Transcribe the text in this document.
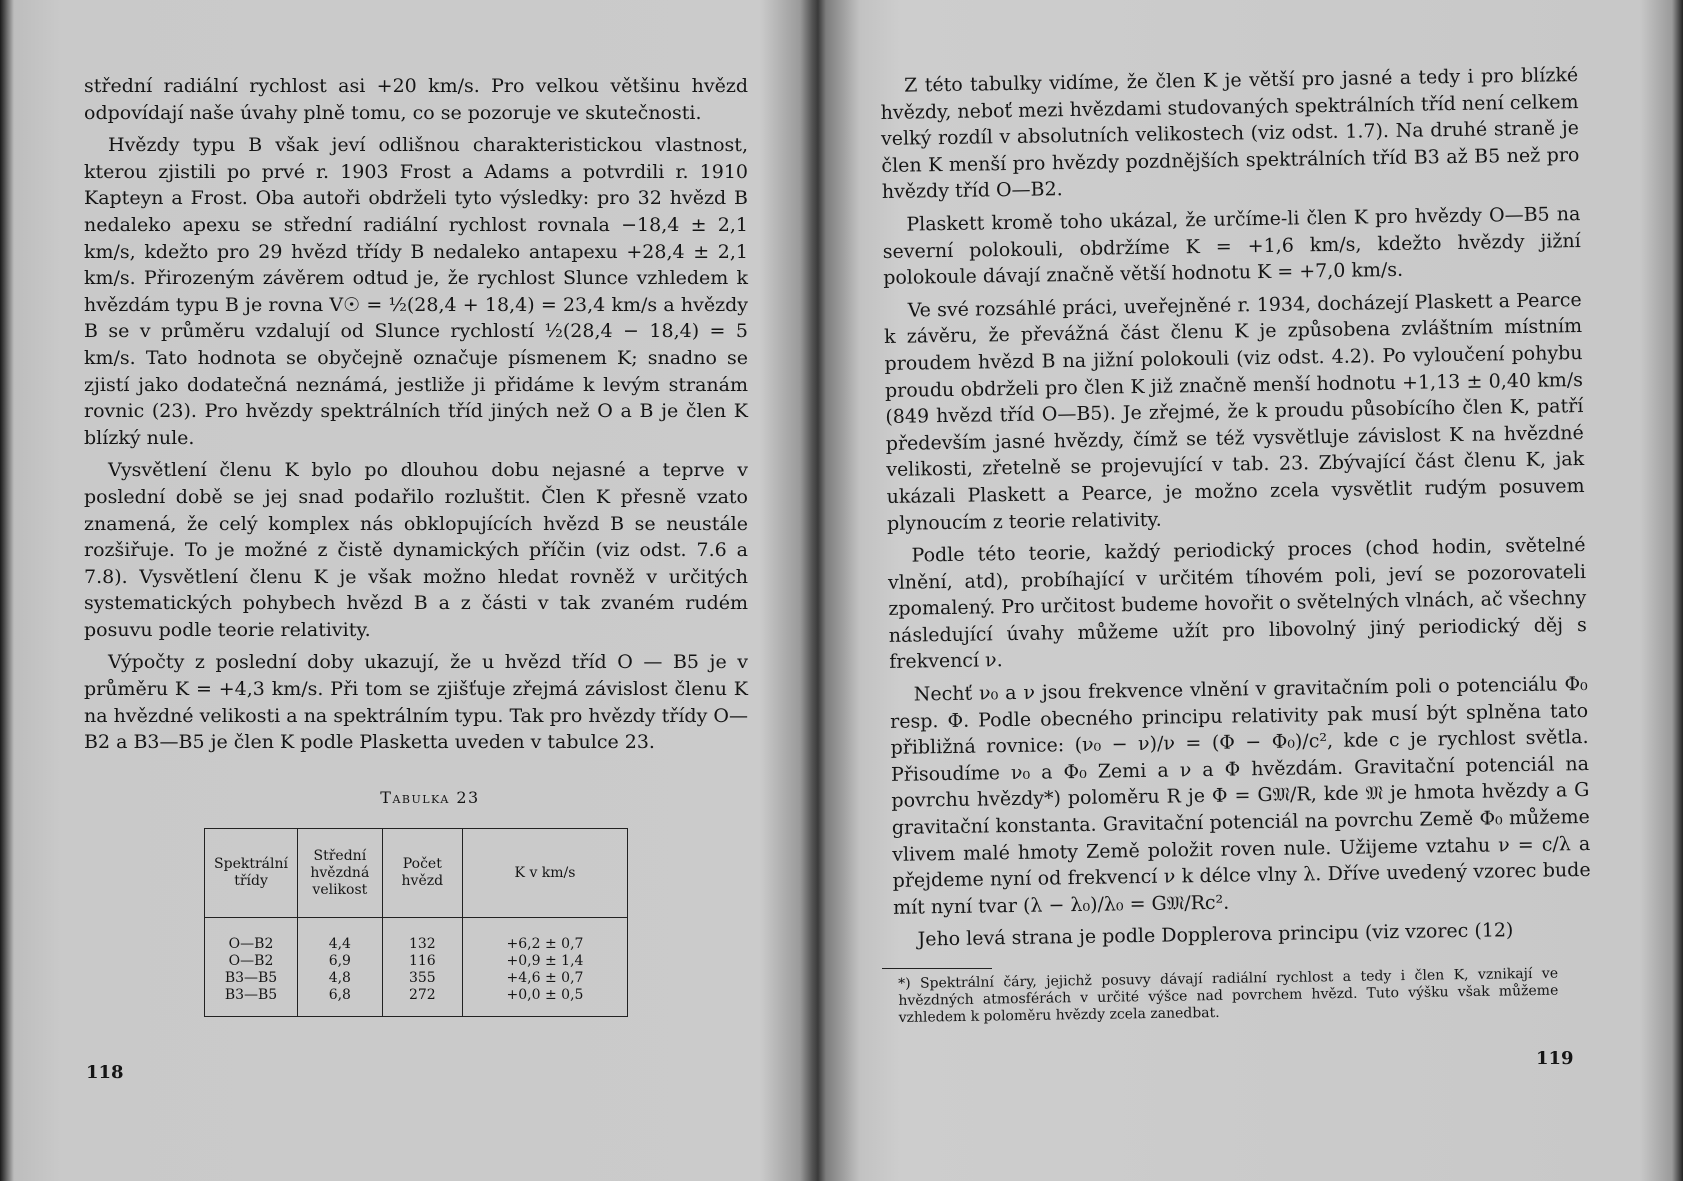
střední radiální rychlost asi +20 km/s. Pro velkou většinu hvězd odpovídají naše úvahy plně tomu, co se pozoruje ve skutečnosti.

Hvězdy typu B však jeví odlišnou charakteristickou vlastnost, kterou zjistili po prvé r. 1903 Frost a Adams a potvrdili r. 1910 Kapteyn a Frost. Oba autoři obdrželi tyto výsledky: pro 32 hvězd B nedaleko apexu se střední radiální rychlost rovnala −18,4 ± 2,1 km/s, kdežto pro 29 hvězd třídy B nedaleko antapexu +28,4 ± 2,1 km/s. Přirozeným závěrem odtud je, že rychlost Slunce vzhledem k hvězdám typu B je rovna V☉ = ½(28,4 + 18,4) = 23,4 km/s a hvězdy B se v průměru vzdalují od Slunce rychlostí ½(28,4 − 18,4) = 5 km/s. Tato hodnota se obyčejně označuje písmenem K; snadno se zjistí jako dodatečná neznámá, jestliže ji přidáme k levým stranám rovnic (23). Pro hvězdy spektrálních tříd jiných než O a B je člen K blízký nule.

Vysvětlení členu K bylo po dlouhou dobu nejasné a teprve v poslední době se jej snad podařilo rozluštit. Člen K přesně vzato znamená, že celý komplex nás obklopujících hvězd B se neustále rozšiřuje. To je možné z čistě dynamických příčin (viz odst. 7.6 a 7.8). Vysvětlení členu K je však možno hledat rovněž v určitých systematických pohybech hvězd B a z části v tak zvaném rudém posuvu podle teorie relativity.

Výpočty z poslední doby ukazují, že u hvězd tříd O — B5 je v průměru K = +4,3 km/s. Při tom se zjišťuje zřejmá závislost členu K na hvězdné velikosti a na spektrálním typu. Tak pro hvězdy třídy O—B2 a B3—B5 je člen K podle Plasketta uveden v tabulce 23.

Tabulka 23
Spektrální třídy	Střední hvězdná velikost	Počet hvězd	K v km/s
O—B2	4,4	132	+6,2 ± 0,7
O—B2	6,9	116	+0,9 ± 1,4
B3—B5	4,8	355	+4,6 ± 0,7
B3—B5	6,8	272	+0,0 ± 0,5
118

Z této tabulky vidíme, že člen K je větší pro jasné a tedy i pro blízké hvězdy, neboť mezi hvězdami studovaných spektrálních tříd není celkem velký rozdíl v absolutních velikostech (viz odst. 1.7). Na druhé straně je člen K menší pro hvězdy pozdnějších spektrálních tříd B3 až B5 než pro hvězdy tříd O—B2.

Plaskett kromě toho ukázal, že určíme-li člen K pro hvězdy O—B5 na severní polokouli, obdržíme K = +1,6 km/s, kdežto hvězdy jižní polokoule dávají značně větší hodnotu K = +7,0 km/s.

Ve své rozsáhlé práci, uveřejněné r. 1934, docházejí Plaskett a Pearce k závěru, že převážná část členu K je způsobena zvláštním místním proudem hvězd B na jižní polokouli (viz odst. 4.2). Po vyloučení pohybu proudu obdrželi pro člen K již značně menší hodnotu +1,13 ± 0,40 km/s (849 hvězd tříd O—B5). Je zřejmé, že k proudu působícího člen K, patří především jasné hvězdy, čímž se též vysvětluje závislost K na hvězdné velikosti, zřetelně se projevující v tab. 23. Zbývající část členu K, jak ukázali Plaskett a Pearce, je možno zcela vysvětlit rudým posuvem plynoucím z teorie relativity.

Podle této teorie, každý periodický proces (chod hodin, světelné vlnění, atd), probíhající v určitém tíhovém poli, jeví se pozorovateli zpomalený. Pro určitost budeme hovořit o světelných vlnách, ač všechny následující úvahy můžeme užít pro libovolný jiný periodický děj s frekvencí ν.

Nechť ν₀ a ν jsou frekvence vlnění v gravitačním poli o potenciálu Φ₀ resp. Φ. Podle obecného principu relativity pak musí být splněna tato přibližná rovnice: (ν₀ − ν)/ν = (Φ − Φ₀)/c², kde c je rychlost světla. Přisoudíme ν₀ a Φ₀ Zemi a ν a Φ hvězdám. Gravitační potenciál na povrchu hvězdy*) poloměru R je Φ = G𝔐/R, kde 𝔐 je hmota hvězdy a G gravitační konstanta. Gravitační potenciál na povrchu Země Φ₀ můžeme vlivem malé hmoty Země položit roven nule. Užijeme vztahu ν = c/λ a přejdeme nyní od frekvencí ν k délce vlny λ. Dříve uvedený vzorec bude mít nyní tvar (λ − λ₀)/λ₀ = G𝔐/Rc².

Jeho levá strana je podle Dopplerova principu (viz vzorec (12)

119
*) Spektrální čáry, jejichž posuvy dávají radiální rychlost a tedy i člen K, vznikají ve hvězdných atmosférách v určité výšce nad povrchem hvězd. Tuto výšku však můžeme vzhledem k poloměru hvězdy zcela zanedbat.
